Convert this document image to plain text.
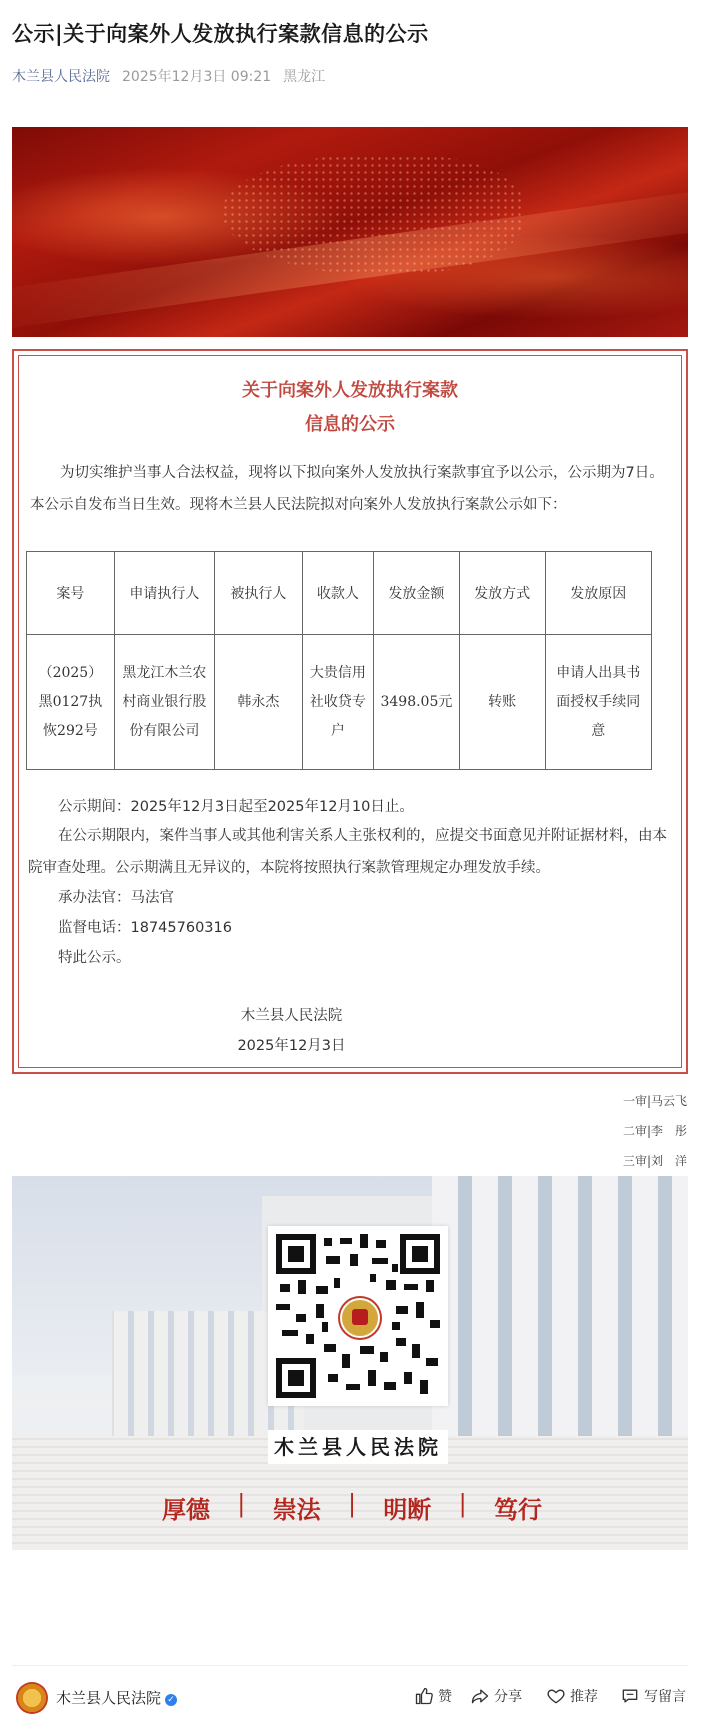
公示|关于向案外人发放执行案款信息的公示
木兰县人民法院 2025年12月3日 09:21 黑龙江
关于向案外人发放执行案款
信息的公示
为切实维护当事人合法权益，现将以下拟向案外人发放执行案款事宜予以公示，公示期为7日。本公示自发布当日生效。现将木兰县人民法院拟对向案外人发放执行案款公示如下：
案号	申请执行人	被执行人	收款人	发放金额	发放方式	发放原因
（2025）黑0127执恢292号	黑龙江木兰农村商业银行股份有限公司	韩永杰	大贵信用社收贷专户	3498.05元	转账	申请人出具书面授权手续同意
公示期间：2025年12月3日起至2025年12月10日止。
在公示期限内，案件当事人或其他利害关系人主张权利的，应提交书面意见并附证据材料，由本院审查处理。公示期满且无异议的，本院将按照执行案款管理规定办理发放手续。
承办法官：马法官
监督电话：18745760316
特此公示。
木兰县人民法院
2025年12月3日
一审|马云飞
二审|李　彤
三审|刘　洋
木兰县人民法院
厚德 | 崇法 | 明断 | 笃行
木兰县人民法院 ✓	赞	分享	推荐	写留言
